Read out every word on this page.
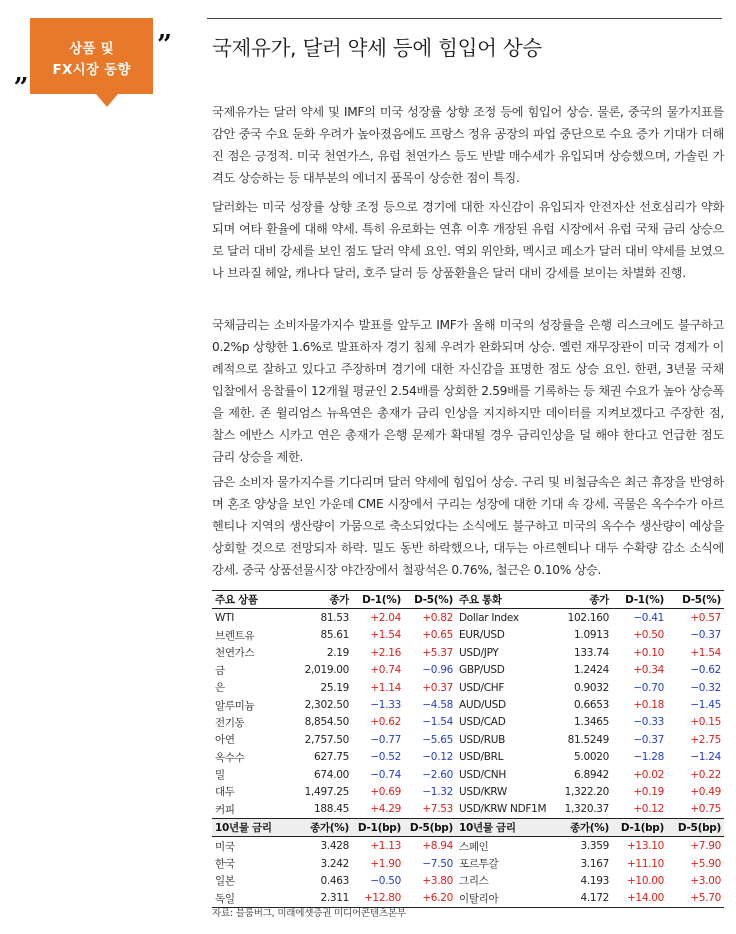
„
상품 및
FX시장 동향
” 국제유가, 달러 약세 등에 힘입어 상승

국제유가는 달러 약세 및 IMF의 미국 성장률 상향 조정 등에 힘입어 상승. 물론, 중국의 물가지표를 감안 중국 수요 둔화 우려가 높아졌음에도 프랑스 정유 공장의 파업 중단으로 수요 증가 기대가 더해진 점은 긍정적. 미국 천연가스, 유럽 천연가스 등도 반발 매수세가 유입되며 상승했으며, 가솔린 가격도 상승하는 등 대부분의 에너지 품목이 상승한 점이 특징.

달러화는 미국 성장률 상향 조정 등으로 경기에 대한 자신감이 유입되자 안전자산 선호심리가 약화되며 여타 환율에 대해 약세. 특히 유로화는 연휴 이후 개장된 유럽 시장에서 유럽 국채 금리 상승으로 달러 대비 강세를 보인 점도 달러 약세 요인. 역외 위안화, 멕시코 페소가 달러 대비 약세를 보였으나 브라질 헤알, 캐나다 달러, 호주 달러 등 상품환율은 달러 대비 강세를 보이는 차별화 진행.

국채금리는 소비자물가지수 발표를 앞두고 IMF가 올해 미국의 성장률을 은행 리스크에도 불구하고 0.2%p 상향한 1.6%로 발표하자 경기 침체 우려가 완화되며 상승. 옐런 재무장관이 미국 경제가 이례적으로 잘하고 있다고 주장하며 경기에 대한 자신감을 표명한 점도 상승 요인. 한편, 3년물 국채 입찰에서 응찰률이 12개월 평균인 2.54배를 상회한 2.59배를 기록하는 등 채권 수요가 높아 상승폭을 제한. 존 윌리엄스 뉴욕연은 총재가 금리 인상을 지지하지만 데이터를 지켜보겠다고 주장한 점, 찰스 에반스 시카고 연은 총재가 은행 문제가 확대될 경우 금리인상을 덜 해야 한다고 언급한 점도 금리 상승을 제한.

금은 소비자 물가지수를 기다리며 달러 약세에 힘입어 상승. 구리 및 비철금속은 최근 휴장을 반영하며 혼조 양상을 보인 가운데 CME 시장에서 구리는 성장에 대한 기대 속 강세. 곡물은 옥수수가 아르헨티나 지역의 생산량이 가뭄으로 축소되었다는 소식에도 불구하고 미국의 옥수수 생산량이 예상을 상회할 것으로 전망되자 하락. 밀도 동반 하락했으나, 대두는 아르헨티나 대두 수확량 감소 소식에 강세. 중국 상품선물시장 야간장에서 철광석은 0.76%, 철근은 0.10% 상승.

주요 상품	종가	D-1(%)	D-5(%)	주요 통화	종가	D-1(%)	D-5(%)
WTI	81.53	+2.04	+0.82	Dollar Index	102.160	−0.41	+0.57
브렌트유	85.61	+1.54	+0.65	EUR/USD	1.0913	+0.50	−0.37
천연가스	2.19	+2.16	+5.37	USD/JPY	133.74	+0.10	+1.54
금	2,019.00	+0.74	−0.96	GBP/USD	1.2424	+0.34	−0.62
은	25.19	+1.14	+0.37	USD/CHF	0.9032	−0.70	−0.32
알루미늄	2,302.50	−1.33	−4.58	AUD/USD	0.6653	+0.18	−1.45
전기동	8,854.50	+0.62	−1.54	USD/CAD	1.3465	−0.33	+0.15
아연	2,757.50	−0.77	−5.65	USD/RUB	81.5249	−0.37	+2.75
옥수수	627.75	−0.52	−0.12	USD/BRL	5.0020	−1.28	−1.24
밀	674.00	−0.74	−2.60	USD/CNH	6.8942	+0.02	+0.22
대두	1,497.25	+0.69	−1.32	USD/KRW	1,322.20	+0.19	+0.49
커피	188.45	+4.29	+7.53	USD/KRW NDF1M	1,320.37	+0.12	+0.75
10년물 금리	종가(%)	D-1(bp)	D-5(bp)	10년물 금리	종가(%)	D-1(bp)	D-5(bp)
미국	3.428	+1.13	+8.94	스페인	3.359	+13.10	+7.90
한국	3.242	+1.90	−7.50	포르투갈	3.167	+11.10	+5.90
일본	0.463	−0.50	+3.80	그리스	4.193	+10.00	+3.00
독일	2.311	+12.80	+6.20	이탈리아	4.172	+14.00	+5.70
자료: 블룸버그, 미래에셋증권 미디어콘텐츠본부
